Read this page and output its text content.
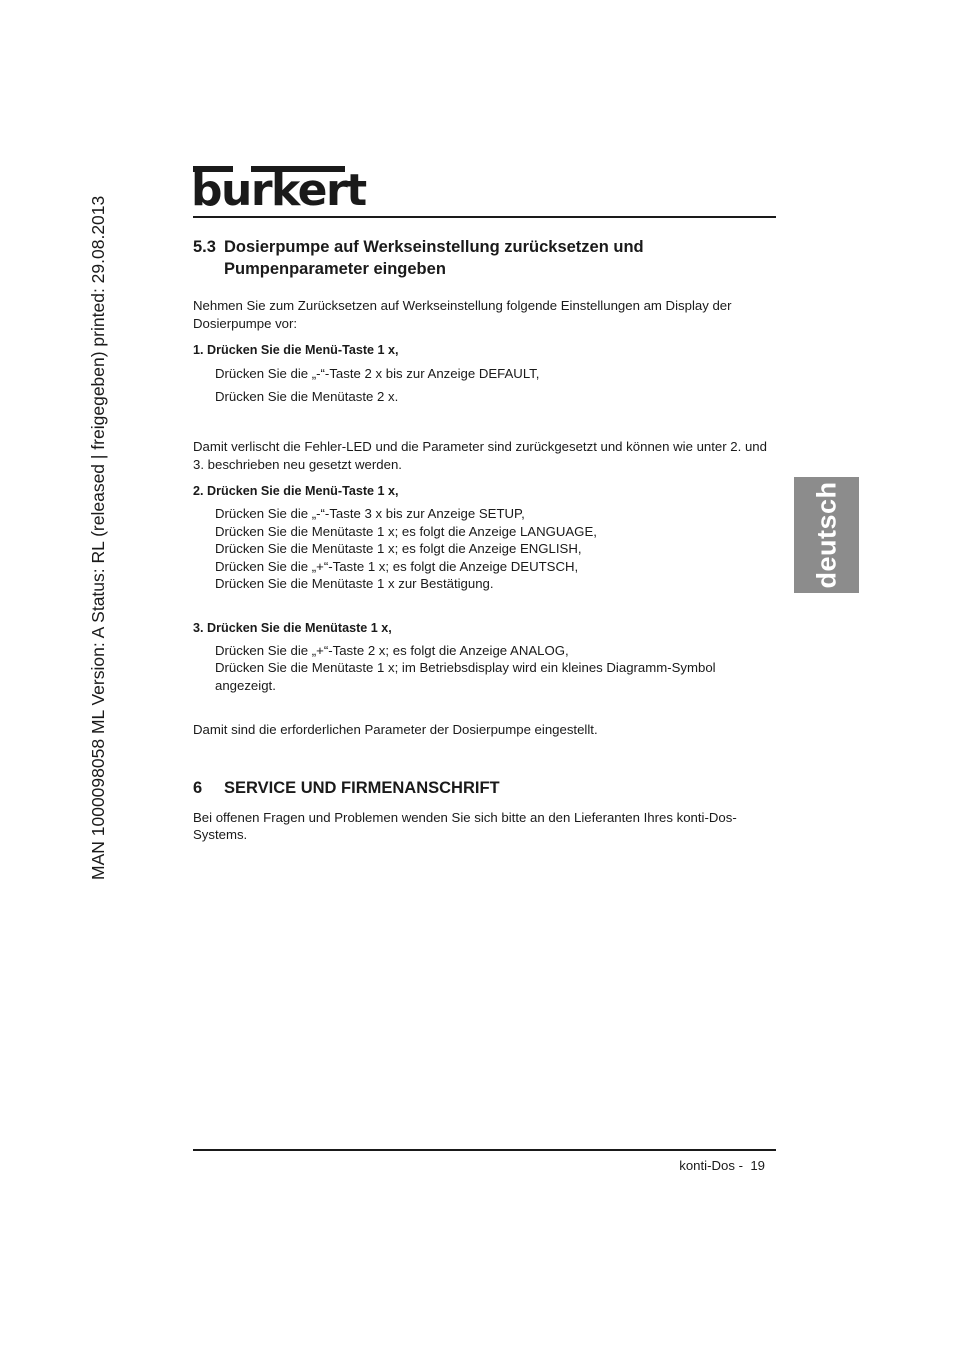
MAN 1000098058 ML Version: A Status: RL (released | freigegeben) printed: 29.08.2013
burkert
deutsch
5.3 Dosierpumpe auf Werkseinstellung zurücksetzen und
Pumpenparameter eingeben

Nehmen Sie zum Zurücksetzen auf Werkseinstellung folgende Einstellungen am Display der Dosierpumpe vor:

1. Drücken Sie die Menü-Taste 1 x,

Drücken Sie die „-“-Taste 2 x bis zur Anzeige DEFAULT,

Drücken Sie die Menütaste 2 x.

Damit verlischt die Fehler-LED und die Parameter sind zurückgesetzt und können wie unter 2. und 3. beschrieben neu gesetzt werden.

2. Drücken Sie die Menü-Taste 1 x,

Drücken Sie die „-“-Taste 3 x bis zur Anzeige SETUP,

Drücken Sie die Menütaste 1 x; es folgt die Anzeige LANGUAGE,

Drücken Sie die Menütaste 1 x; es folgt die Anzeige ENGLISH,

Drücken Sie die „+“-Taste 1 x; es folgt die Anzeige DEUTSCH,

Drücken Sie die Menütaste 1 x zur Bestätigung.

3. Drücken Sie die Menütaste 1 x,

Drücken Sie die „+“-Taste 2 x; es folgt die Anzeige ANALOG,

Drücken Sie die Menütaste 1 x; im Betriebsdisplay wird ein kleines Diagramm-Symbol angezeigt.

Damit sind die erforderlichen Parameter der Dosierpumpe eingestellt.

6 SERVICE UND FIRMENANSCHRIFT

Bei offenen Fragen und Problemen wenden Sie sich bitte an den Lieferanten Ihres konti-Dos-Systems.

konti-Dos - 19
